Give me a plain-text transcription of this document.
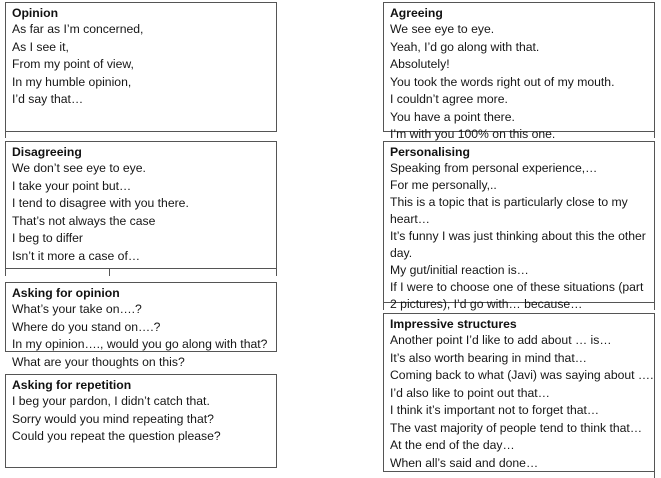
Opinion
As far as I’m concerned,
As I see it,
From my point of view,
In my humble opinion,
I’d say that…
Disagreeing
We don’t see eye to eye.
I take your point but…
I tend to disagree with you there.
That’s not always the case
I beg to differ
Isn’t it more a case of…
Asking for opinion
What’s your take on….?
Where do you stand on….?
In my opinion…., would you go along with that?
What are your thoughts on this?
Asking for repetition
I beg your pardon, I didn’t catch that.
Sorry would you mind repeating that?
Could you repeat the question please?
Agreeing
We see eye to eye.
Yeah, I’d go along with that.
Absolutely!
You took the words right out of my mouth.
I couldn’t agree more.
You have a point there.
I’m with you 100% on this one.
Personalising
Speaking from personal experience,…
For me personally,..
This is a topic that is particularly close to my heart…
It’s funny I was just thinking about this the other day.
My gut/initial reaction is…
If I were to choose one of these situations (part 2 pictures), I’d go with… because…
Impressive structures
Another point I’d like to add about … is…
It’s also worth bearing in mind that…
Coming back to what (Javi) was saying about ….
I’d also like to point out that…
I think it’s important not to forget that…
The vast majority of people tend to think that…
At the end of the day…
When all’s said and done…
